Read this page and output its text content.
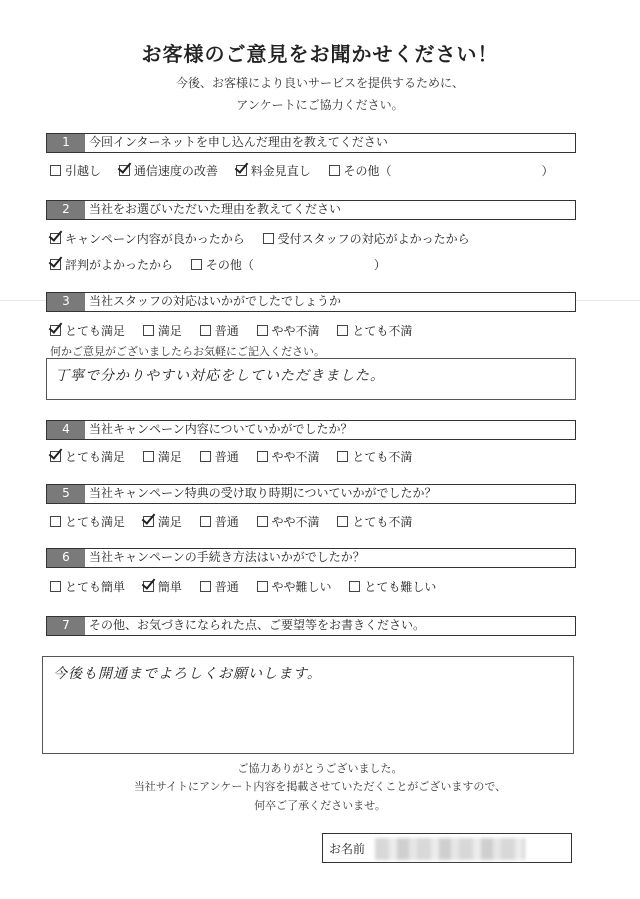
お客様のご意見をお聞かせください！
今後、お客様により良いサービスを提供するために、
アンケートにご協力ください。
1	今回インターネットを申し込んだ理由を教えてください
引越し	通信速度の改善	料金見直し	その他（	）
2	当社をお選びいただいた理由を教えてください
キャンペーン内容が良かったから	受付スタッフの対応がよかったから
評判がよかったから	その他（	）
3	当社スタッフの対応はいかがでしたでしょうか
とても満足	満足	普通	やや不満	とても不満
何かご意見がございましたらお気軽にご記入ください。
丁寧で分かりやすい対応をしていただきました。
4	当社キャンペーン内容についていかがでしたか？
とても満足	満足	普通	やや不満	とても不満
5	当社キャンペーン特典の受け取り時期についていかがでしたか？
とても満足	満足	普通	やや不満	とても不満
6	当社キャンペーンの手続き方法はいかがでしたか？
とても簡単	簡単	普通	やや難しい	とても難しい
7	その他、お気づきになられた点、ご要望等をお書きください。
今後も開通までよろしくお願いします。
ご協力ありがとうございました。
当社サイトにアンケート内容を掲載させていただくことがございますので、
何卒ご了承くださいませ。
お名前
